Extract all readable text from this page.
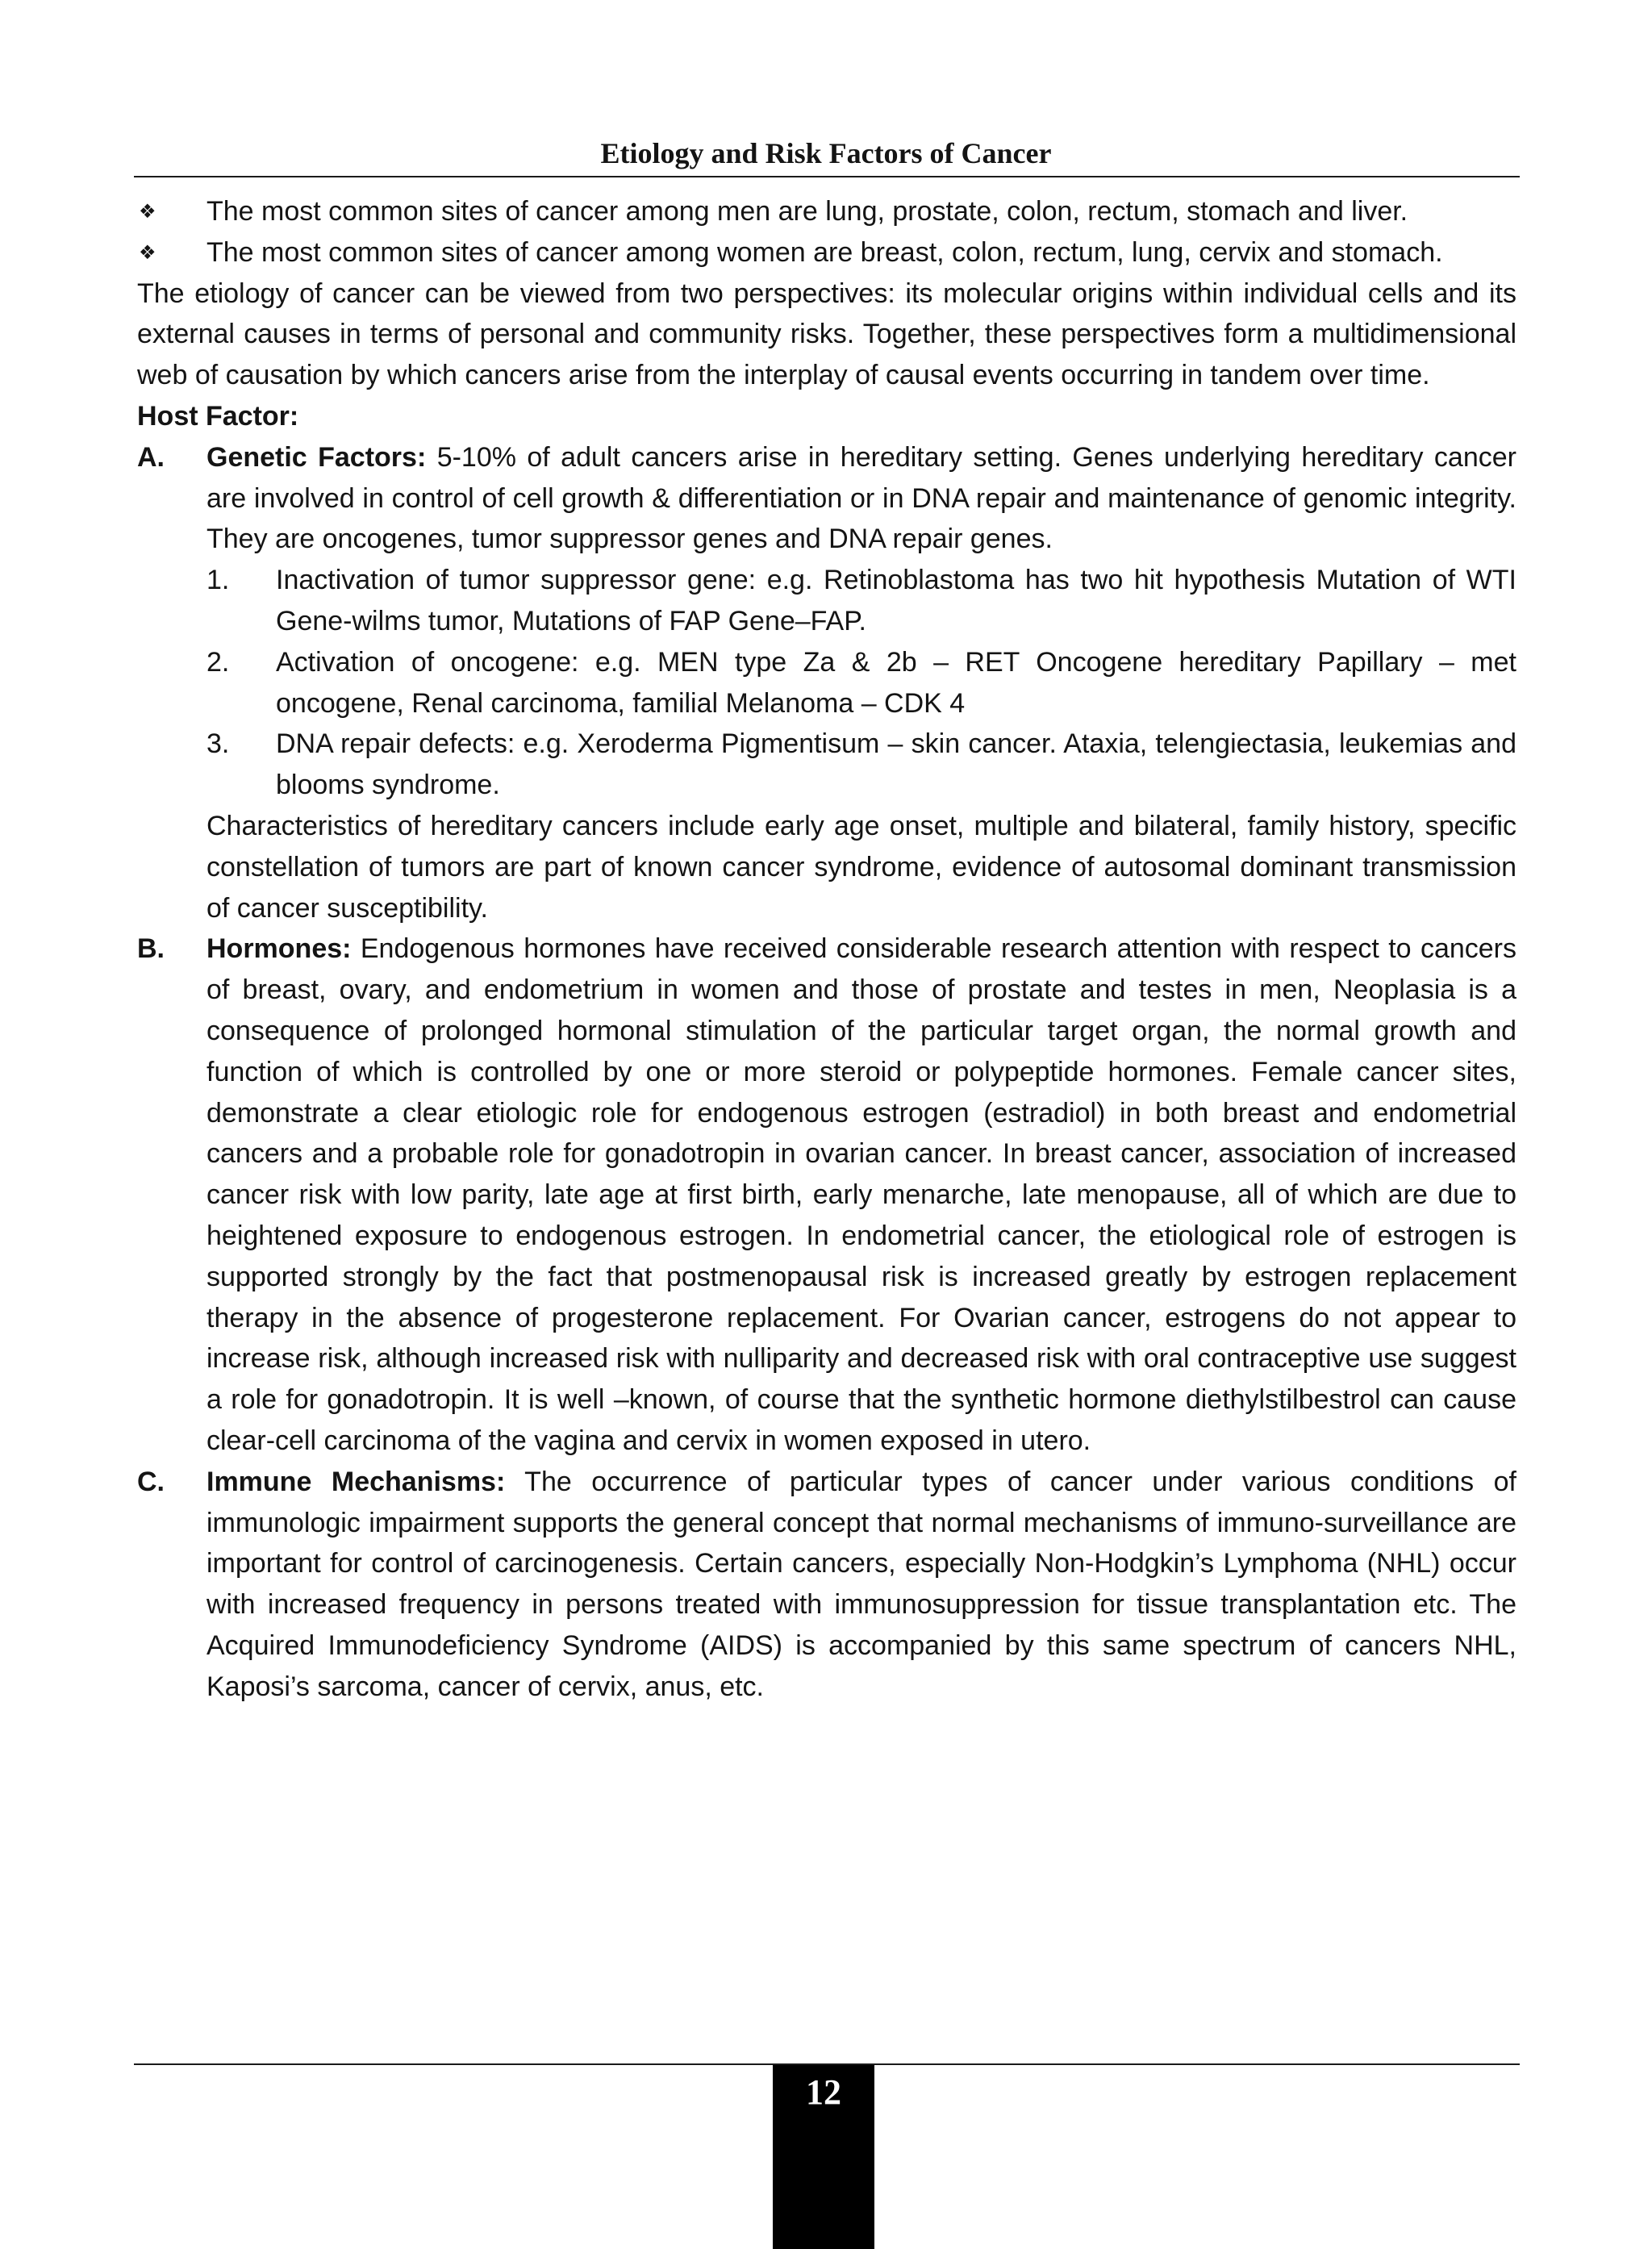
Etiology and Risk Factors of Cancer
❖ The most common sites of cancer among men are lung, prostate, colon, rectum, stomach and liver.
❖ The most common sites of cancer among women are breast, colon, rectum, lung, cervix and stomach.
The etiology of cancer can be viewed from two perspectives: its molecular origins within individual cells and its external causes in terms of personal and community risks. Together, these perspectives form a multidimensional web of causation by which cancers arise from the interplay of causal events occurring in tandem over time.
Host Factor:
A. Genetic Factors: 5-10% of adult cancers arise in hereditary setting. Genes underlying hereditary cancer are involved in control of cell growth & differentiation or in DNA repair and maintenance of genomic integrity. They are oncogenes, tumor suppressor genes and DNA repair genes.
1. Inactivation of tumor suppressor gene: e.g. Retinoblastoma has two hit hypothesis Mutation of WTI Gene-wilms tumor, Mutations of FAP Gene–FAP.
2. Activation of oncogene: e.g. MEN type Za & 2b – RET Oncogene hereditary Papillary – met oncogene, Renal carcinoma, familial Melanoma – CDK 4
3. DNA repair defects: e.g. Xeroderma Pigmentisum – skin cancer. Ataxia, telengiectasia, leukemias and blooms syndrome.
Characteristics of hereditary cancers include early age onset, multiple and bilateral, family history, specific constellation of tumors are part of known cancer syndrome, evidence of autosomal dominant transmission of cancer susceptibility.
B. Hormones: Endogenous hormones have received considerable research attention with respect to cancers of breast, ovary, and endometrium in women and those of prostate and testes in men, Neoplasia is a consequence of prolonged hormonal stimulation of the particular target organ, the normal growth and function of which is controlled by one or more steroid or polypeptide hormones. Female cancer sites, demonstrate a clear etiologic role for endogenous estrogen (estradiol) in both breast and endometrial cancers and a probable role for gonadotropin in ovarian cancer. In breast cancer, association of increased cancer risk with low parity, late age at first birth, early menarche, late menopause, all of which are due to heightened exposure to endogenous estrogen. In endometrial cancer, the etiological role of estrogen is supported strongly by the fact that postmenopausal risk is increased greatly by estrogen replacement therapy in the absence of progesterone replacement. For Ovarian cancer, estrogens do not appear to increase risk, although increased risk with nulliparity and decreased risk with oral contraceptive use suggest a role for gonadotropin. It is well –known, of course that the synthetic hormone diethylstilbestrol can cause clear-cell carcinoma of the vagina and cervix in women exposed in utero.
C. Immune Mechanisms: The occurrence of particular types of cancer under various conditions of immunologic impairment supports the general concept that normal mechanisms of immuno-surveillance are important for control of carcinogenesis. Certain cancers, especially Non-Hodgkin’s Lymphoma (NHL) occur with increased frequency in persons treated with immunosuppression for tissue transplantation etc. The Acquired Immunodeficiency Syndrome (AIDS) is accompanied by this same spectrum of cancers NHL, Kaposi’s sarcoma, cancer of cervix, anus, etc.
12
